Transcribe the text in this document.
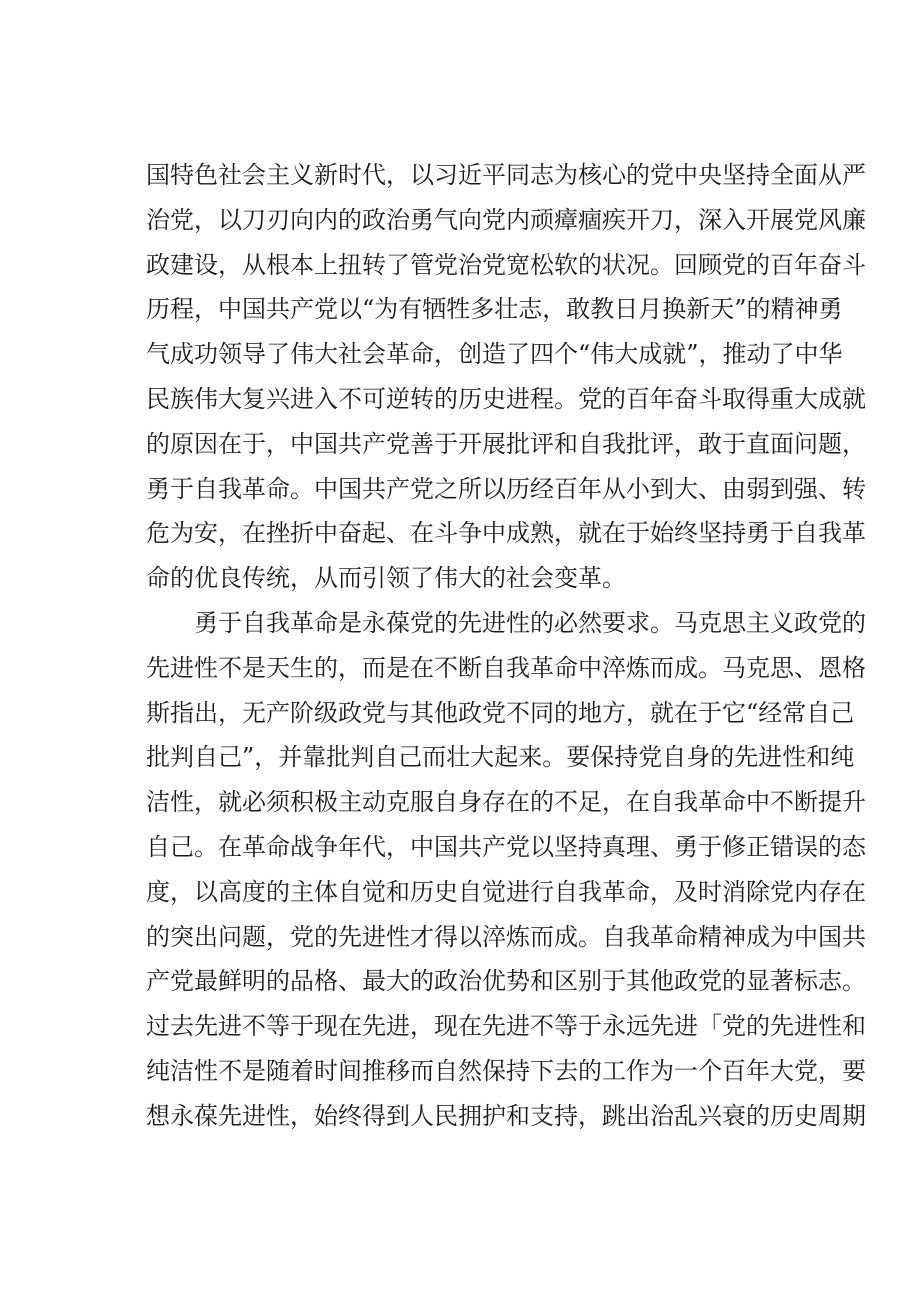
国特色社会主义新时代，以习近平同志为核心的党中央坚持全面从严
治党，以刀刃向内的政治勇气向党内顽瘴痼疾开刀，深入开展党风廉
政建设，从根本上扭转了管党治党宽松软的状况。回顾党的百年奋斗
历程，中国共产党以“为有牺牲多壮志，敢教日月换新天”的精神勇
气成功领导了伟大社会革命，创造了四个“伟大成就”，推动了中华
民族伟大复兴进入不可逆转的历史进程。党的百年奋斗取得重大成就
的原因在于，中国共产党善于开展批评和自我批评，敢于直面问题，
勇于自我革命。中国共产党之所以历经百年从小到大、由弱到强、转
危为安，在挫折中奋起、在斗争中成熟，就在于始终坚持勇于自我革
命的优良传统，从而引领了伟大的社会变革。
勇于自我革命是永葆党的先进性的必然要求。马克思主义政党的
先进性不是天生的，而是在不断自我革命中淬炼而成。马克思、恩格
斯指出，无产阶级政党与其他政党不同的地方，就在于它“经常自己
批判自己”，并靠批判自己而壮大起来。要保持党自身的先进性和纯
洁性，就必须积极主动克服自身存在的不足，在自我革命中不断提升
自己。在革命战争年代，中国共产党以坚持真理、勇于修正错误的态
度，以高度的主体自觉和历史自觉进行自我革命，及时消除党内存在
的突出问题，党的先进性才得以淬炼而成。自我革命精神成为中国共
产党最鲜明的品格、最大的政治优势和区别于其他政党的显著标志。
过去先进不等于现在先进，现在先进不等于永远先进「党的先进性和
纯洁性不是随着时间推移而自然保持下去的工作为一个百年大党，要
想永葆先进性，始终得到人民拥护和支持，跳出治乱兴衰的历史周期
